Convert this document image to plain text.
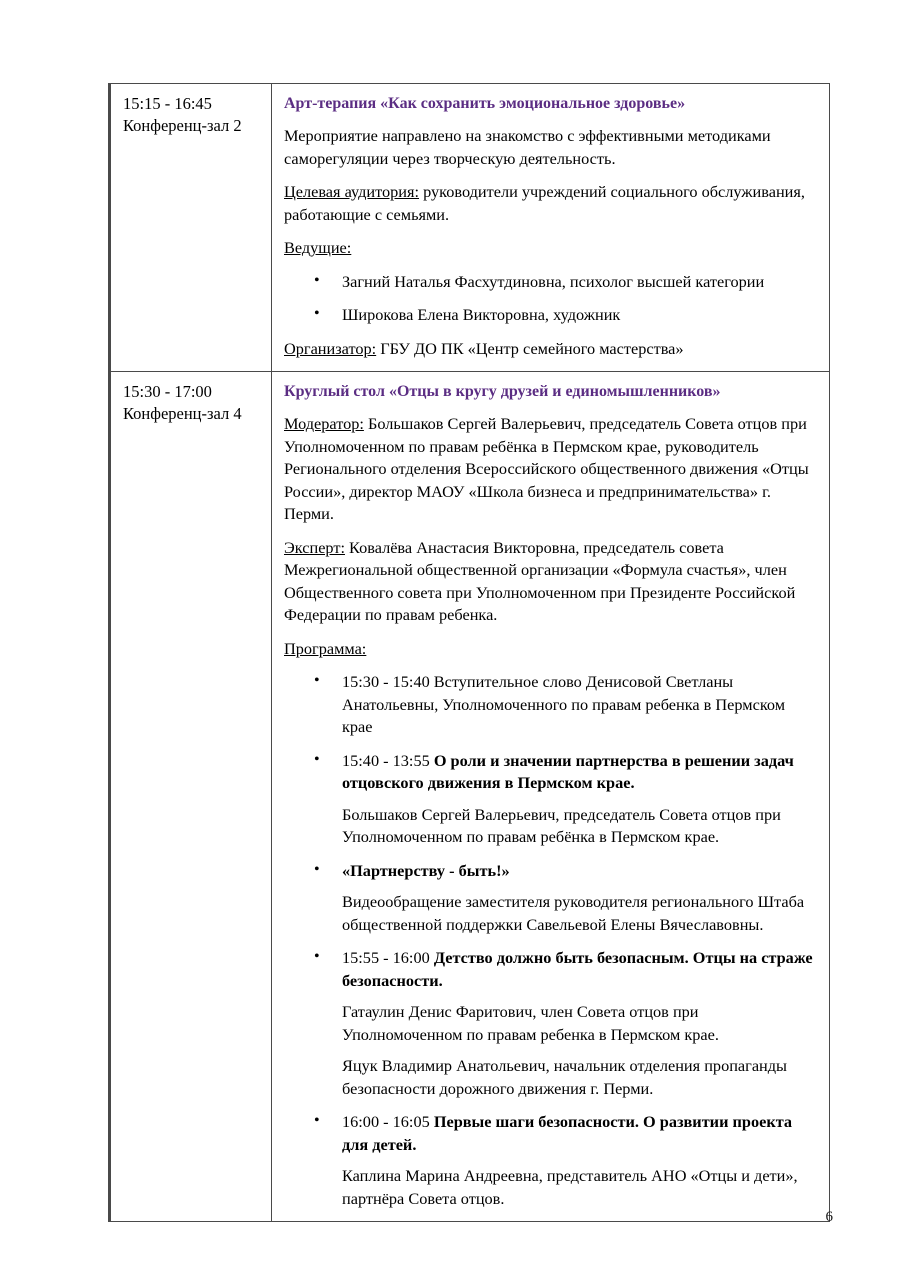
15:15 - 16:45
Конференц-зал 2

Арт-терапия «Как сохранить эмоциональное здоровье»

Мероприятие направлено на знакомство с эффективными методиками саморегуляции через творческую деятельность.

Целевая аудитория: руководители учреждений социального обслуживания, работающие с семьями.

Ведущие:

• Загний Наталья Фасхутдиновна, психолог высшей категории
• Широкова Елена Викторовна, художник

Организатор: ГБУ ДО ПК «Центр семейного мастерства»

15:30 - 17:00
Конференц-зал 4

Круглый стол «Отцы в кругу друзей и единомышленников»

Модератор: Большаков Сергей Валерьевич, председатель Совета отцов при Уполномоченном по правам ребёнка в Пермском крае, руководитель Регионального отделения Всероссийского общественного движения «Отцы России», директор МАОУ «Школа бизнеса и предпринимательства» г. Перми.

Эксперт: Ковалёва Анастасия Викторовна, председатель совета Межрегиональной общественной организации «Формула счастья», член Общественного совета при Уполномоченном при Президенте Российской Федерации по правам ребенка.

Программа:

• 15:30 - 15:40 Вступительное слово Денисовой Светланы Анатольевны, Уполномоченного по правам ребенка в Пермском крае
• 15:40 - 13:55 О роли и значении партнерства в решении задач отцовского движения в Пермском крае.
Большаков Сергей Валерьевич, председатель Совета отцов при Уполномоченном по правам ребёнка в Пермском крае.
• «Партнерству - быть!»
Видеообращение заместителя руководителя регионального Штаба общественной поддержки Савельевой Елены Вячеславовны.
• 15:55 - 16:00 Детство должно быть безопасным. Отцы на страже безопасности.
Гатаулин Денис Фаритович, член Совета отцов при Уполномоченном по правам ребенка в Пермском крае.
Яцук Владимир Анатольевич, начальник отделения пропаганды безопасности дорожного движения г. Перми.
• 16:00 - 16:05 Первые шаги безопасности. О развитии проекта для детей.
Каплина Марина Андреевна, представитель АНО «Отцы и дети», партнёра Совета отцов.
6
